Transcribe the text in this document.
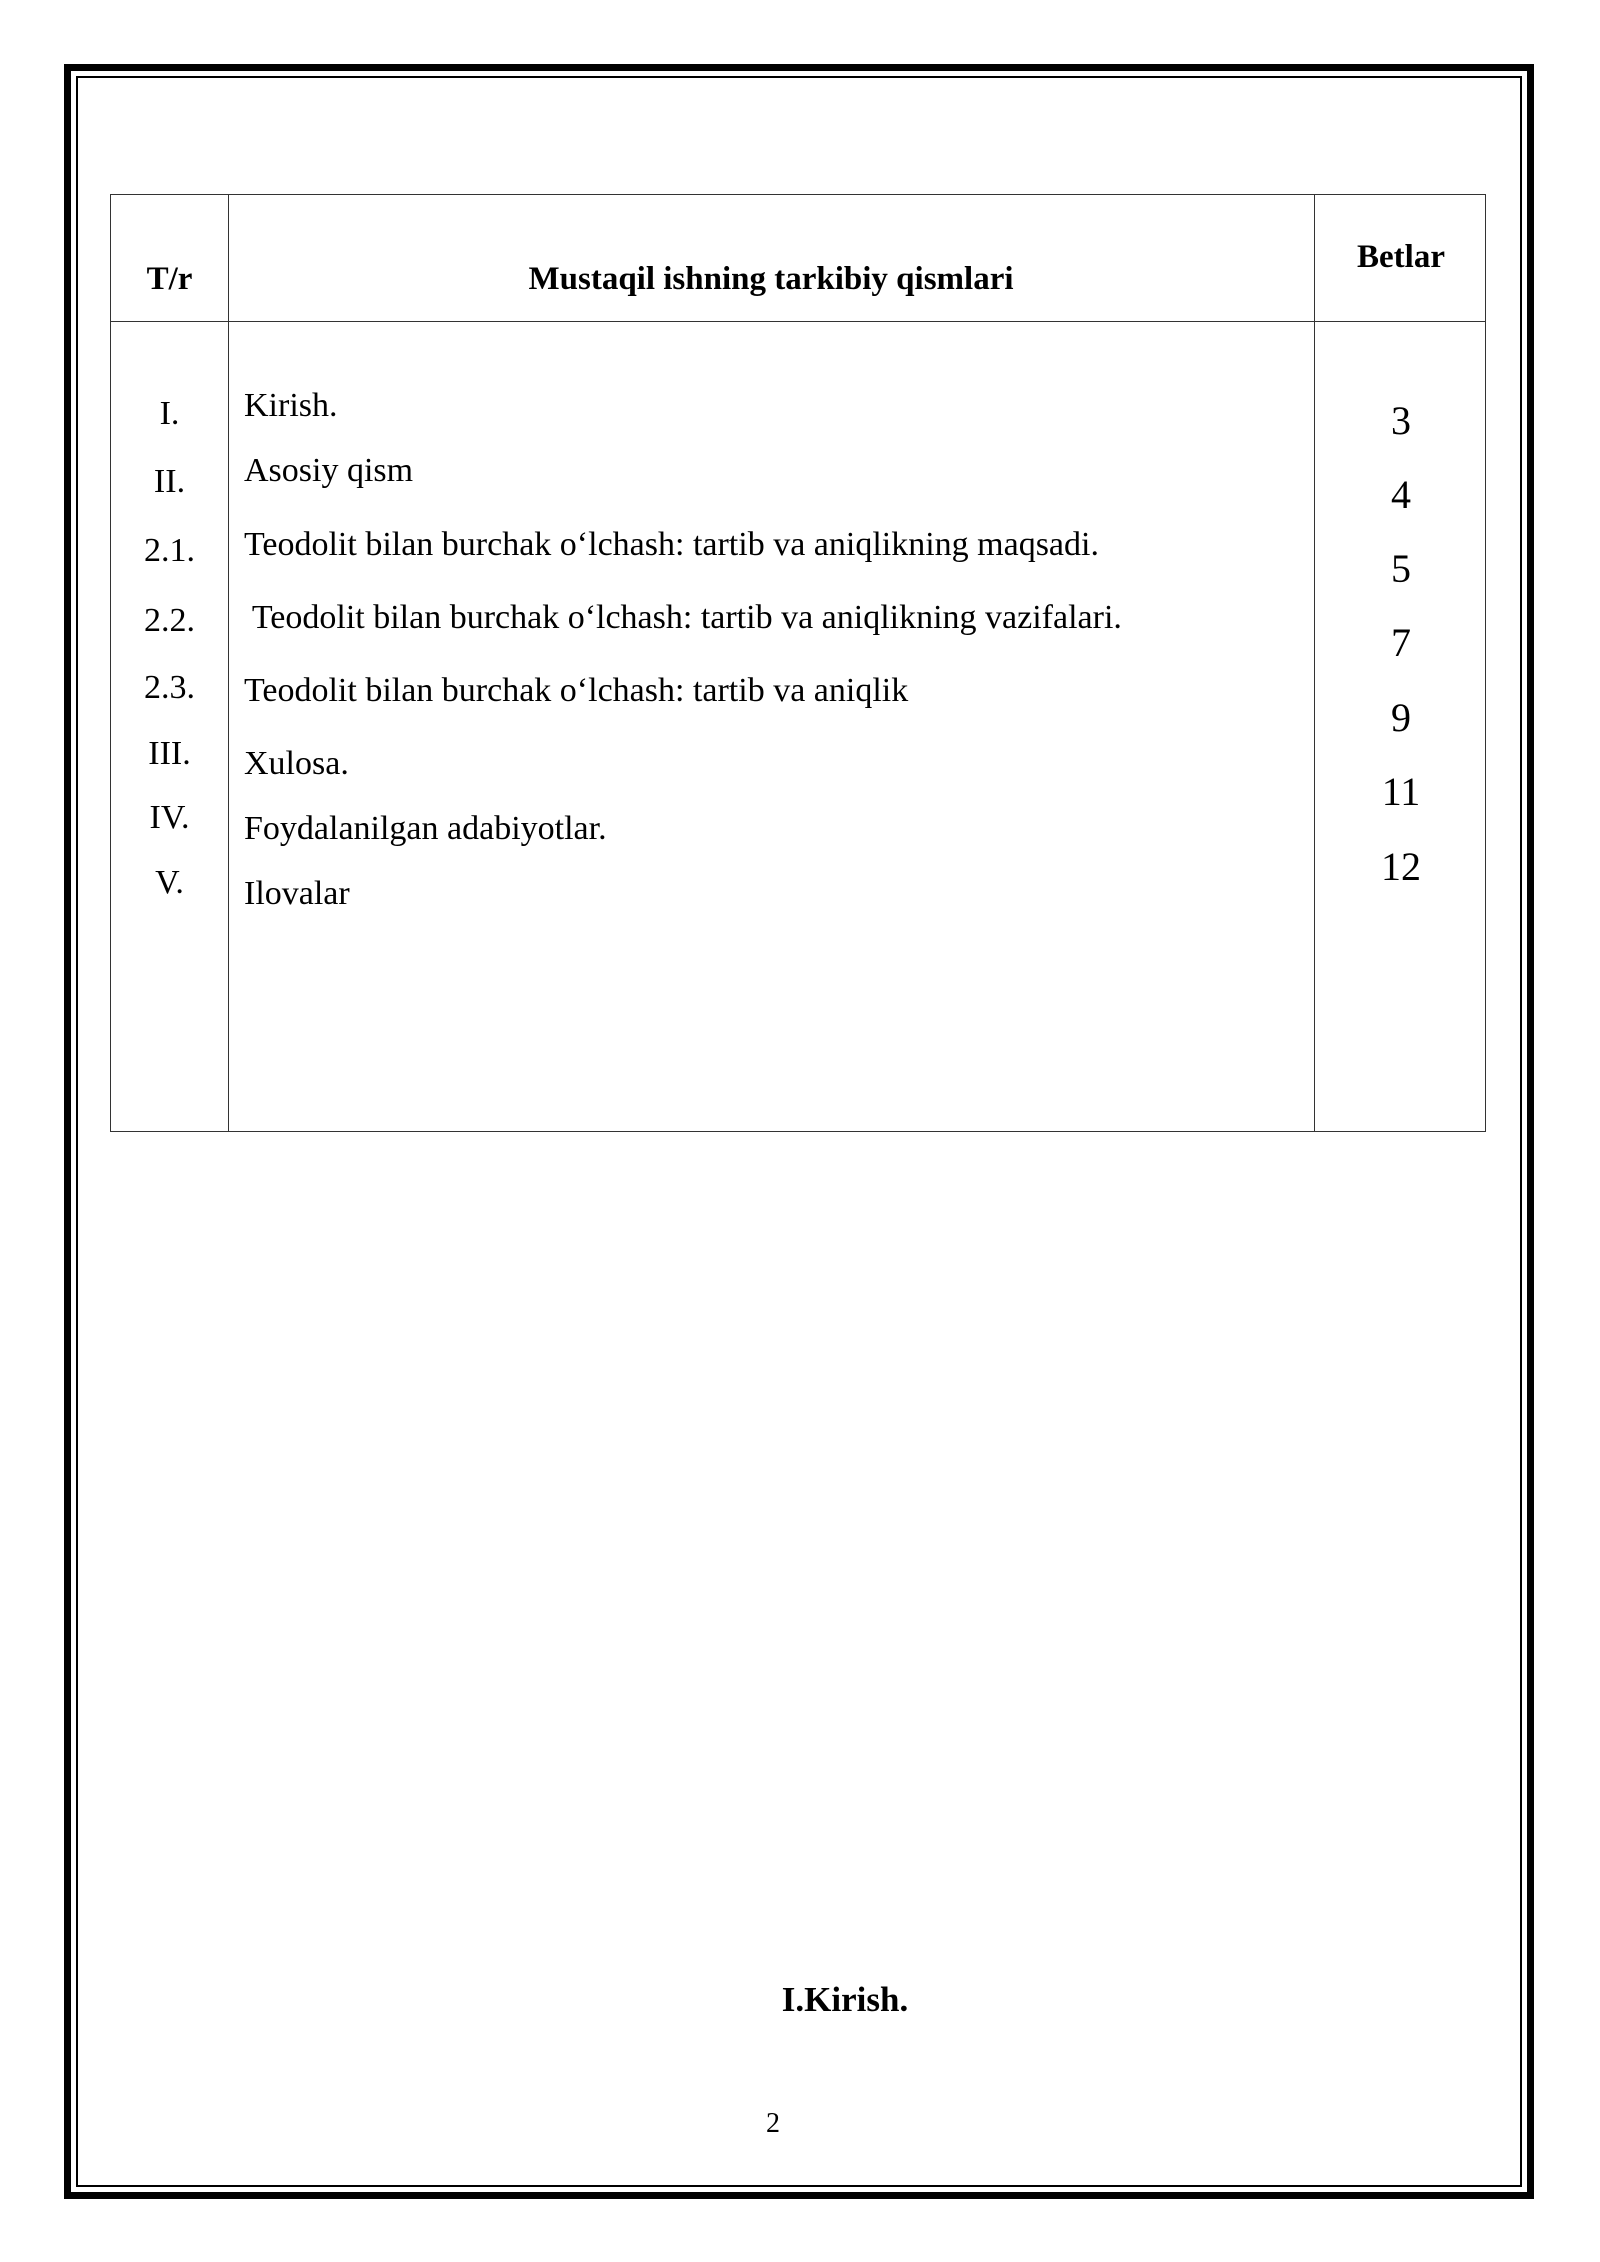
T/r	Mustaqil ishning tarkibiy qismlari
Betlar
I.
II.
2.1.
2.2.
2.3.
III.
IV.
V.
Kirish.
Asosiy qism
Teodolit bilan burchak o‘lchash: tartib va aniqlikning maqsadi.
Teodolit bilan burchak o‘lchash: tartib va aniqlikning vazifalari.
Teodolit bilan burchak o‘lchash: tartib va aniqlik
Xulosa.
Foydalanilgan adabiyotlar.
Ilovalar
3
4
5
7
9
11
12
I.Kirish.
2
